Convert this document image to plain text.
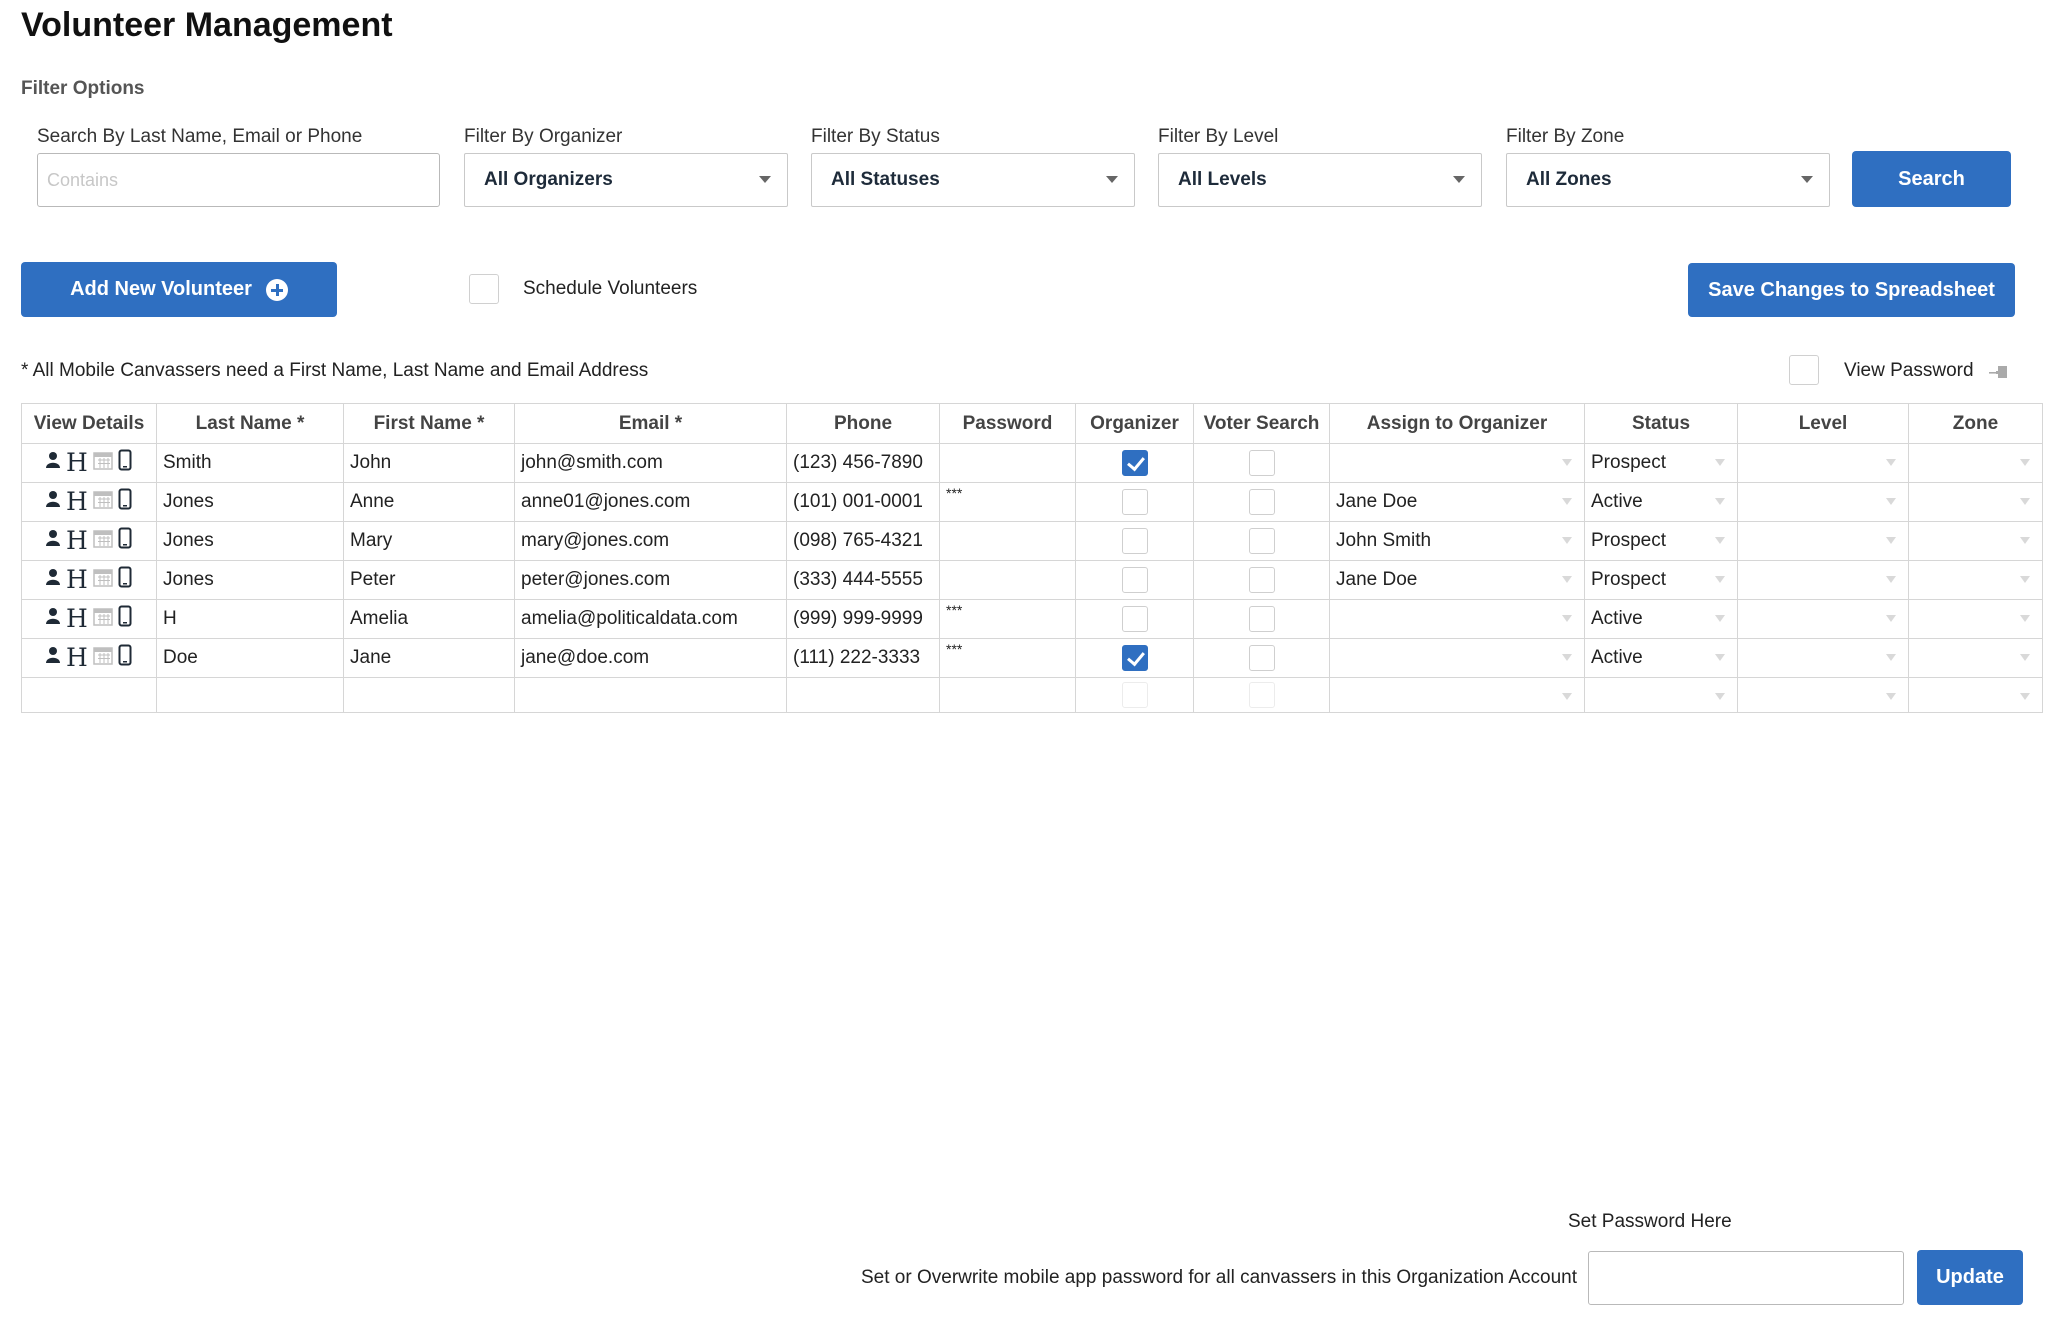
Volunteer Management
Filter Options
Search By Last Name, Email or Phone
Contains	Filter By Organizer
All Organizers
Filter By Status
All Statuses
Filter By Level
All Levels
Filter By Zone
All Zones	Search
Add New Volunteer	Schedule Volunteers	Save Changes to Spreadsheet
* All Mobile Canvassers need a First Name, Last Name and Email Address	View Password
View Details	Last Name *	First Name *	Email *	Phone	Password	Organizer	Voter Search	Assign to Organizer	Status	Level	Zone

H	Smith	John	john@smith.com	(123) 456-7890					Prospect

H	Jones	Anne	anne01@jones.com	(101) 001-0001	***			Jane Doe	Active

H	Jones	Mary	mary@jones.com	(098) 765-4321				John Smith	Prospect

H	Jones	Peter	peter@jones.com	(333) 444-5555				Jane Doe	Prospect

H	H	Amelia	amelia@politicaldata.com	(999) 999-9999	***				Active

H	Doe	Jane	jane@doe.com	(111) 222-3333	***				Active

Set Password Here
Set or Overwrite mobile app password for all canvassers in this Organization Account	Update
